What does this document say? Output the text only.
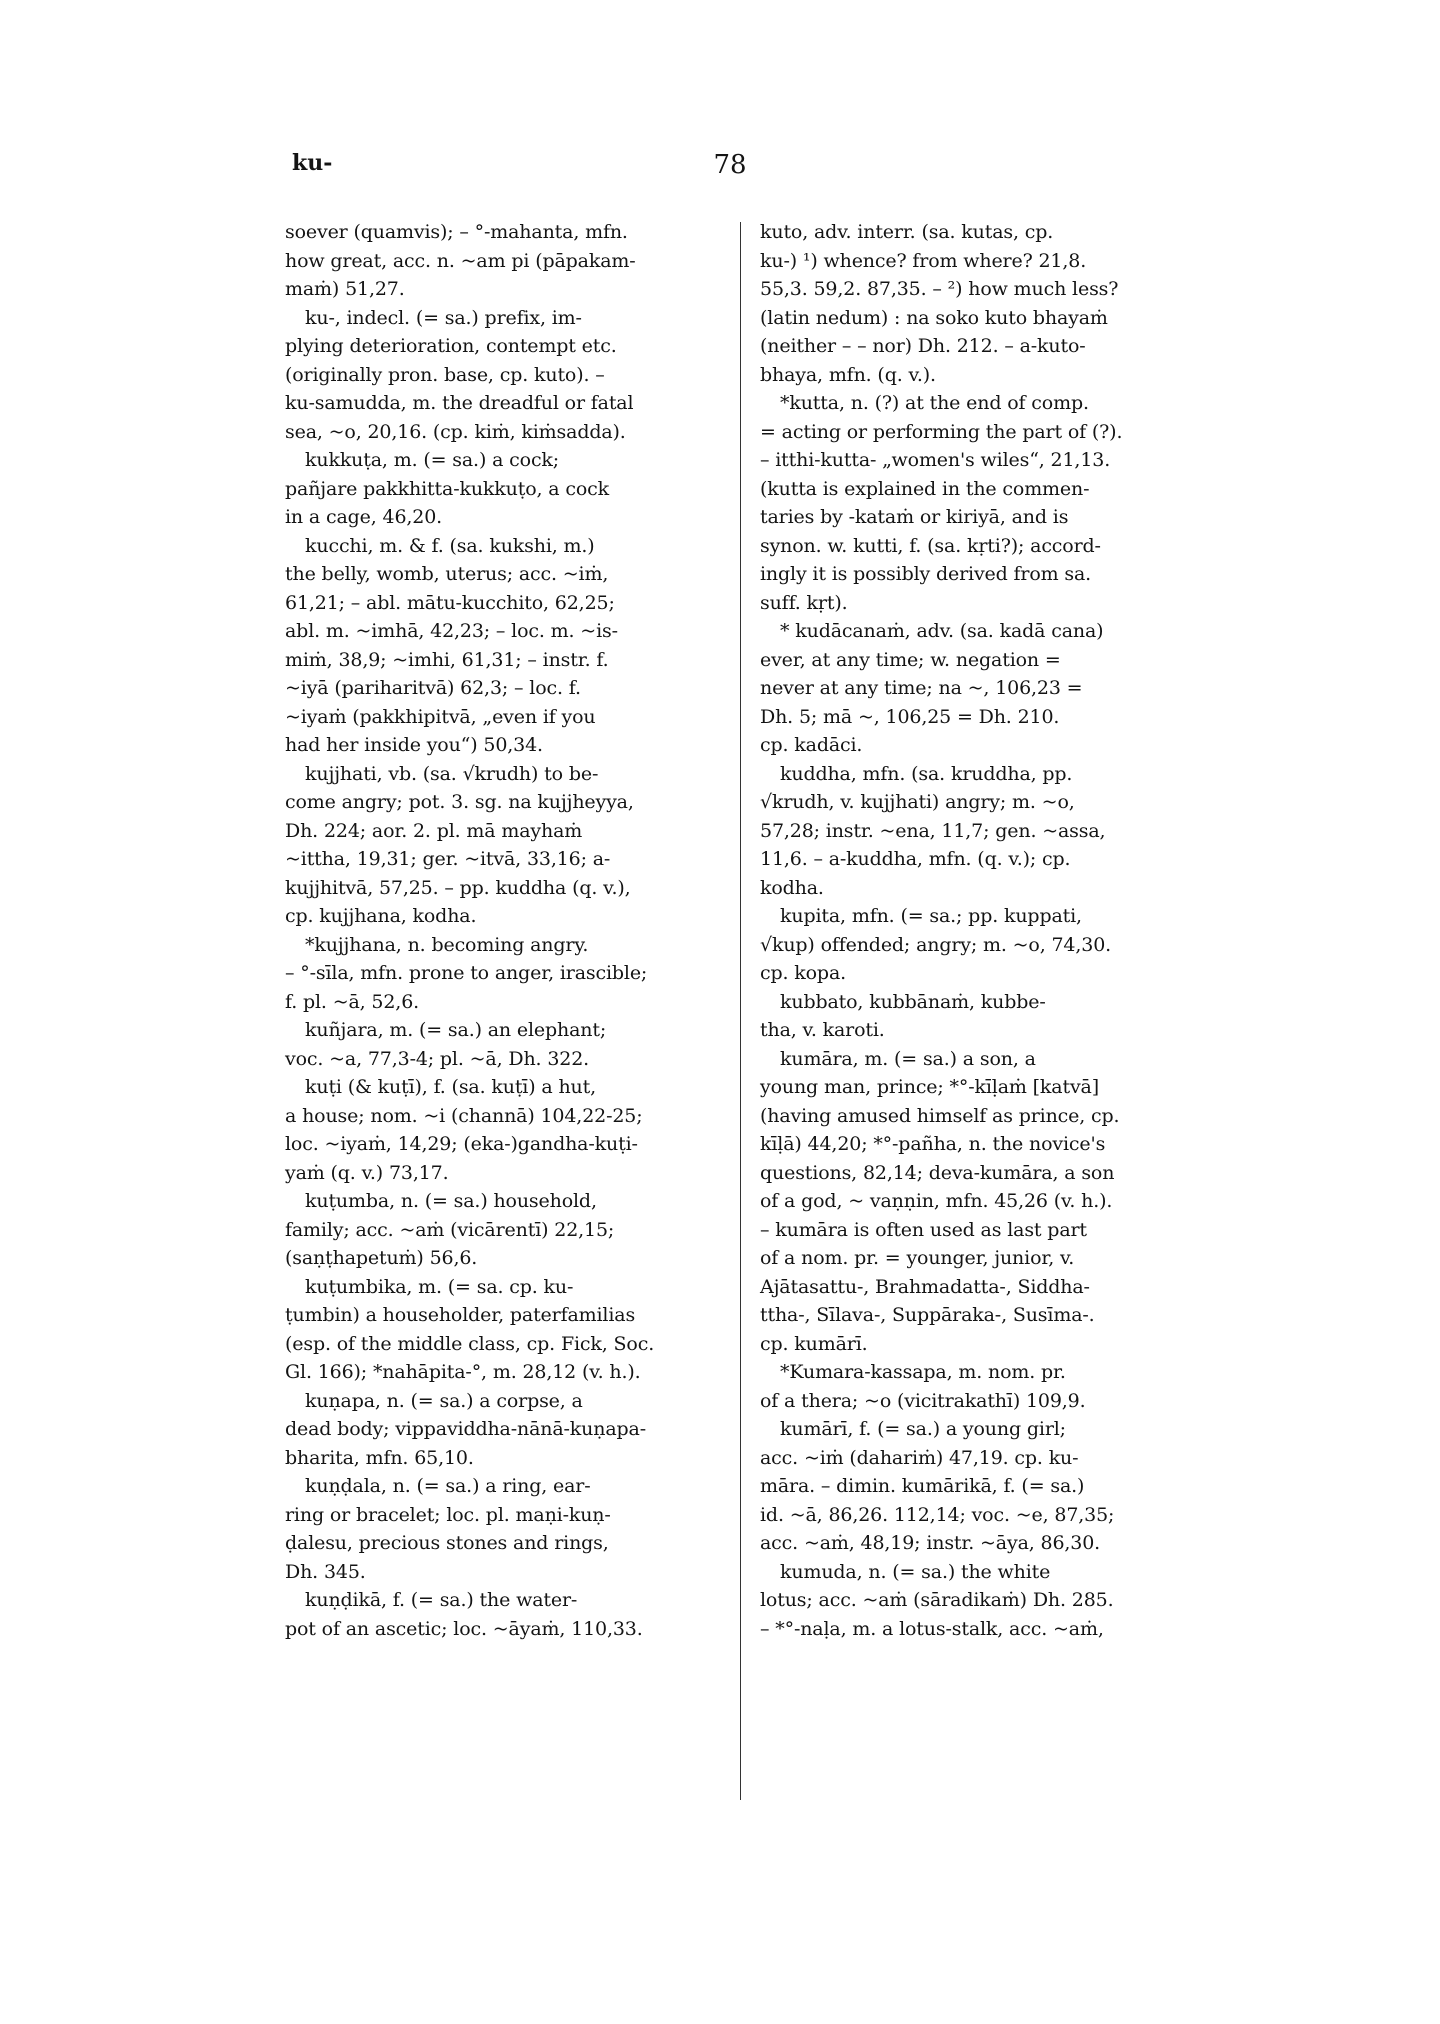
ku-	78
soever (quamvis); – °-mahanta, mfn.
how great, acc. n. ~am pi (pāpakam-
maṁ) 51,27.
ku-, indecl. (= sa.) prefix, im-
plying deterioration, contempt etc.
(originally pron. base, cp. kuto). –
ku-samudda, m. the dreadful or fatal
sea, ~o, 20,16. (cp. kiṁ, kiṁsadda).
kukkuṭa, m. (= sa.) a cock;
pañjare pakkhitta-kukkuṭo, a cock
in a cage, 46,20.
kucchi, m. & f. (sa. kukshi, m.)
the belly, womb, uterus; acc. ~iṁ,
61,21; – abl. mātu-kucchito, 62,25;
abl. m. ~imhā, 42,23; – loc. m. ~is-
miṁ, 38,9; ~imhi, 61,31; – instr. f.
~iyā (pariharitvā) 62,3; – loc. f.
~iyaṁ (pakkhipitvā, „even if you
had her inside you“) 50,34.
kujjhati, vb. (sa. √krudh) to be-
come angry; pot. 3. sg. na kujjheyya,
Dh. 224; aor. 2. pl. mā mayhaṁ
~ittha, 19,31; ger. ~itvā, 33,16; a-
kujjhitvā, 57,25. – pp. kuddha (q. v.),
cp. kujjhana, kodha.
*kujjhana, n. becoming angry.
– °-sīla, mfn. prone to anger, irascible;
f. pl. ~ā, 52,6.
kuñjara, m. (= sa.) an elephant;
voc. ~a, 77,3-4; pl. ~ā, Dh. 322.
kuṭi (& kuṭī), f. (sa. kuṭī) a hut,
a house; nom. ~i (channā) 104,22-25;
loc. ~iyaṁ, 14,29; (eka-)gandha-kuṭi-
yaṁ (q. v.) 73,17.
kuṭumba, n. (= sa.) household,
family; acc. ~aṁ (vicārentī) 22,15;
(saṇṭhapetuṁ) 56,6.
kuṭumbika, m. (= sa. cp. ku-
ṭumbin) a householder, paterfamilias
(esp. of the middle class, cp. Fick, Soc.
Gl. 166); *nahāpita-°, m. 28,12 (v. h.).
kuṇapa, n. (= sa.) a corpse, a
dead body; vippaviddha-nānā-kuṇapa-
bharita, mfn. 65,10.
kuṇḍala, n. (= sa.) a ring, ear-
ring or bracelet; loc. pl. maṇi-kuṇ-
ḍalesu, precious stones and rings,
Dh. 345.
kuṇḍikā, f. (= sa.) the water-
pot of an ascetic; loc. ~āyaṁ, 110,33.
kuto, adv. interr. (sa. kutas, cp.
ku-) ¹) whence? from where? 21,8.
55,3. 59,2. 87,35. – ²) how much less?
(latin nedum) : na soko kuto bhayaṁ
(neither – – nor) Dh. 212. – a-kuto-
bhaya, mfn. (q. v.).
*kutta, n. (?) at the end of comp.
= acting or performing the part of (?).
– itthi-kutta- „women's wiles“, 21,13.
(kutta is explained in the commen-
taries by -kataṁ or kiriyā, and is
synon. w. kutti, f. (sa. kṛti?); accord-
ingly it is possibly derived from sa.
suff. kṛt).
* kudācanaṁ, adv. (sa. kadā cana)
ever, at any time; w. negation =
never at any time; na ~, 106,23 =
Dh. 5; mā ~, 106,25 = Dh. 210.
cp. kadāci.
kuddha, mfn. (sa. kruddha, pp.
√krudh, v. kujjhati) angry; m. ~o,
57,28; instr. ~ena, 11,7; gen. ~assa,
11,6. – a-kuddha, mfn. (q. v.); cp.
kodha.
kupita, mfn. (= sa.; pp. kuppati,
√kup) offended; angry; m. ~o, 74,30.
cp. kopa.
kubbato, kubbānaṁ, kubbe-
tha, v. karoti.
kumāra, m. (= sa.) a son, a
young man, prince; *°-kīḷaṁ [katvā]
(having amused himself as prince, cp.
kīḷā) 44,20; *°-pañha, n. the novice's
questions, 82,14; deva-kumāra, a son
of a god, ~ vaṇṇin, mfn. 45,26 (v. h.).
– kumāra is often used as last part
of a nom. pr. = younger, junior, v.
Ajātasattu-, Brahmadatta-, Siddha-
ttha-, Sīlava-, Suppāraka-, Susīma-.
cp. kumārī.
*Kumara-kassapa, m. nom. pr.
of a thera; ~o (vicitrakathī) 109,9.
kumārī, f. (= sa.) a young girl;
acc. ~iṁ (dahariṁ) 47,19. cp. ku-
māra. – dimin. kumārikā, f. (= sa.)
id. ~ā, 86,26. 112,14; voc. ~e, 87,35;
acc. ~aṁ, 48,19; instr. ~āya, 86,30.
kumuda, n. (= sa.) the white
lotus; acc. ~aṁ (sāradikaṁ) Dh. 285.
– *°-naḷa, m. a lotus-stalk, acc. ~aṁ,
